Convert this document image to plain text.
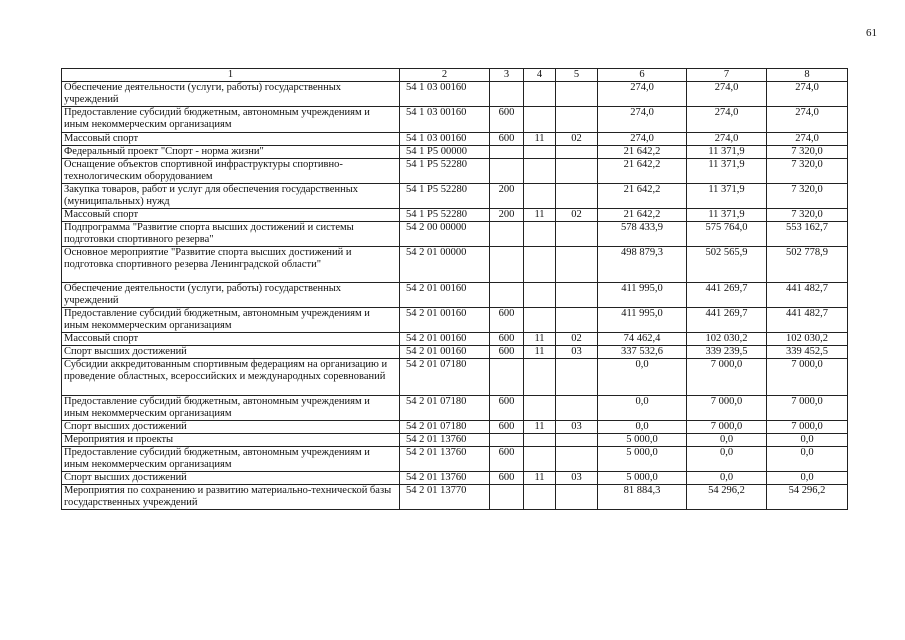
61
1	2	3	4	5	6	7	8
Обеспечение деятельности (услуги, работы) государственных учреждений	54 1 03 00160				274,0	274,0	274,0
Предоставление субсидий бюджетным, автономным учреждениям и иным некоммерческим организациям	54 1 03 00160	600			274,0	274,0	274,0
Массовый спорт	54 1 03 00160	600	11	02	274,0	274,0	274,0
Федеральный проект "Спорт - норма жизни"	54 1 P5 00000				21 642,2	11 371,9	7 320,0
Оснащение объектов спортивной инфраструктуры спортивно-технологическим оборудованием	54 1 P5 52280				21 642,2	11 371,9	7 320,0
Закупка товаров, работ и услуг для обеспечения государственных (муниципальных) нужд	54 1 P5 52280	200			21 642,2	11 371,9	7 320,0
Массовый спорт	54 1 P5 52280	200	11	02	21 642,2	11 371,9	7 320,0
Подпрограмма "Развитие спорта высших достижений и системы подготовки спортивного резерва"	54 2 00 00000				578 433,9	575 764,0	553 162,7
Основное мероприятие "Развитие спорта высших достижений и подготовка спортивного резерва Ленинградской области"	54 2 01 00000				498 879,3	502 565,9	502 778,9
Обеспечение деятельности (услуги, работы) государственных учреждений	54 2 01 00160				411 995,0	441 269,7	441 482,7
Предоставление субсидий бюджетным, автономным учреждениям и иным некоммерческим организациям	54 2 01 00160	600			411 995,0	441 269,7	441 482,7
Массовый спорт	54 2 01 00160	600	11	02	74 462,4	102 030,2	102 030,2
Спорт высших достижений	54 2 01 00160	600	11	03	337 532,6	339 239,5	339 452,5
Субсидии аккредитованным спортивным федерациям на организацию и проведение областных, всероссийских и международных соревнований	54 2 01 07180				0,0	7 000,0	7 000,0
Предоставление субсидий бюджетным, автономным учреждениям и иным некоммерческим организациям	54 2 01 07180	600			0,0	7 000,0	7 000,0
Спорт высших достижений	54 2 01 07180	600	11	03	0,0	7 000,0	7 000,0
Мероприятия и проекты	54 2 01 13760				5 000,0	0,0	0,0
Предоставление субсидий бюджетным, автономным учреждениям и иным некоммерческим организациям	54 2 01 13760	600			5 000,0	0,0	0,0
Спорт высших достижений	54 2 01 13760	600	11	03	5 000,0	0,0	0,0
Мероприятия по сохранению и развитию материально-технической базы государственных учреждений	54 2 01 13770				81 884,3	54 296,2	54 296,2
